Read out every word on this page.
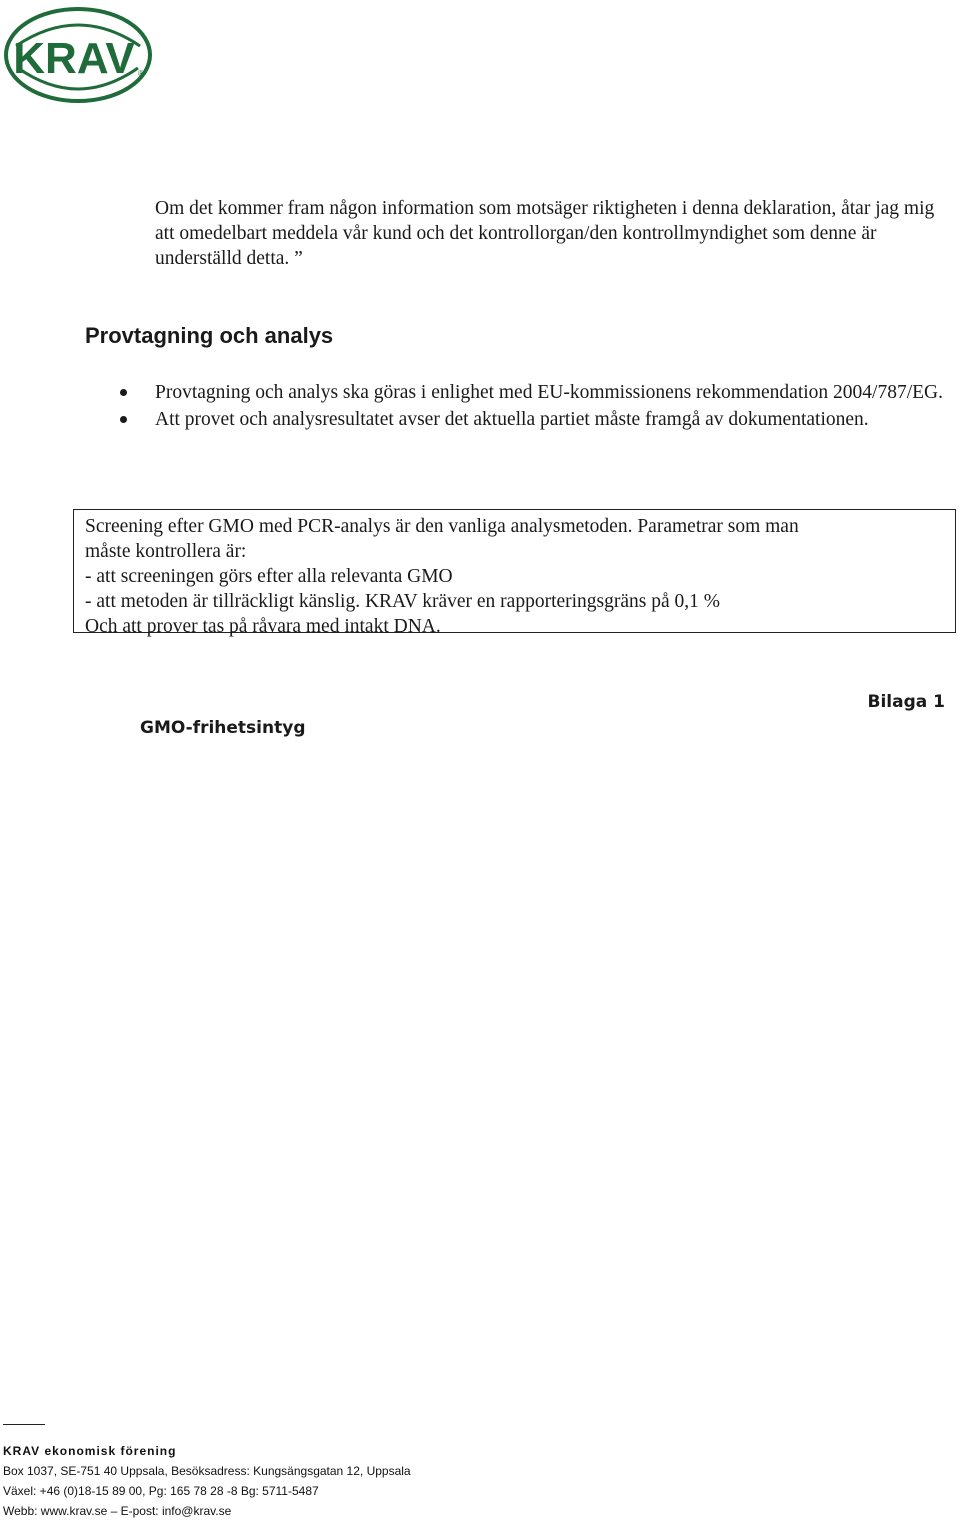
KRAV ®

Om det kommer fram någon information som motsäger riktigheten i denna deklaration, åtar jag mig att omedelbart meddela vår kund och det kontrollorgan/den kontrollmyndighet som denne är underställd detta. ”

Provtagning och analys
Provtagning och analys ska göras i enlighet med EU-kommissionens rekommendation 2004/787/EG.
Att provet och analysresultatet avser det aktuella partiet måste framgå av dokumentationen.
Screening efter GMO med PCR-analys är den vanliga analysmetoden. Parametrar som man
måste kontrollera är:
- att screeningen görs efter alla relevanta GMO
- att metoden är tillräckligt känslig. KRAV kräver en rapporteringsgräns på 0,1 %
Och att prover tas på råvara med intakt DNA.

Bilaga 1

GMO-frihetsintyg

KRAV ekonomisk förening
Box 1037, SE-751 40 Uppsala, Besöksadress: Kungsängsgatan 12, Uppsala
Växel: +46 (0)18-15 89 00, Pg: 165 78 28 -8 Bg: 5711-5487
Webb: www.krav.se – E-post: info@krav.se
